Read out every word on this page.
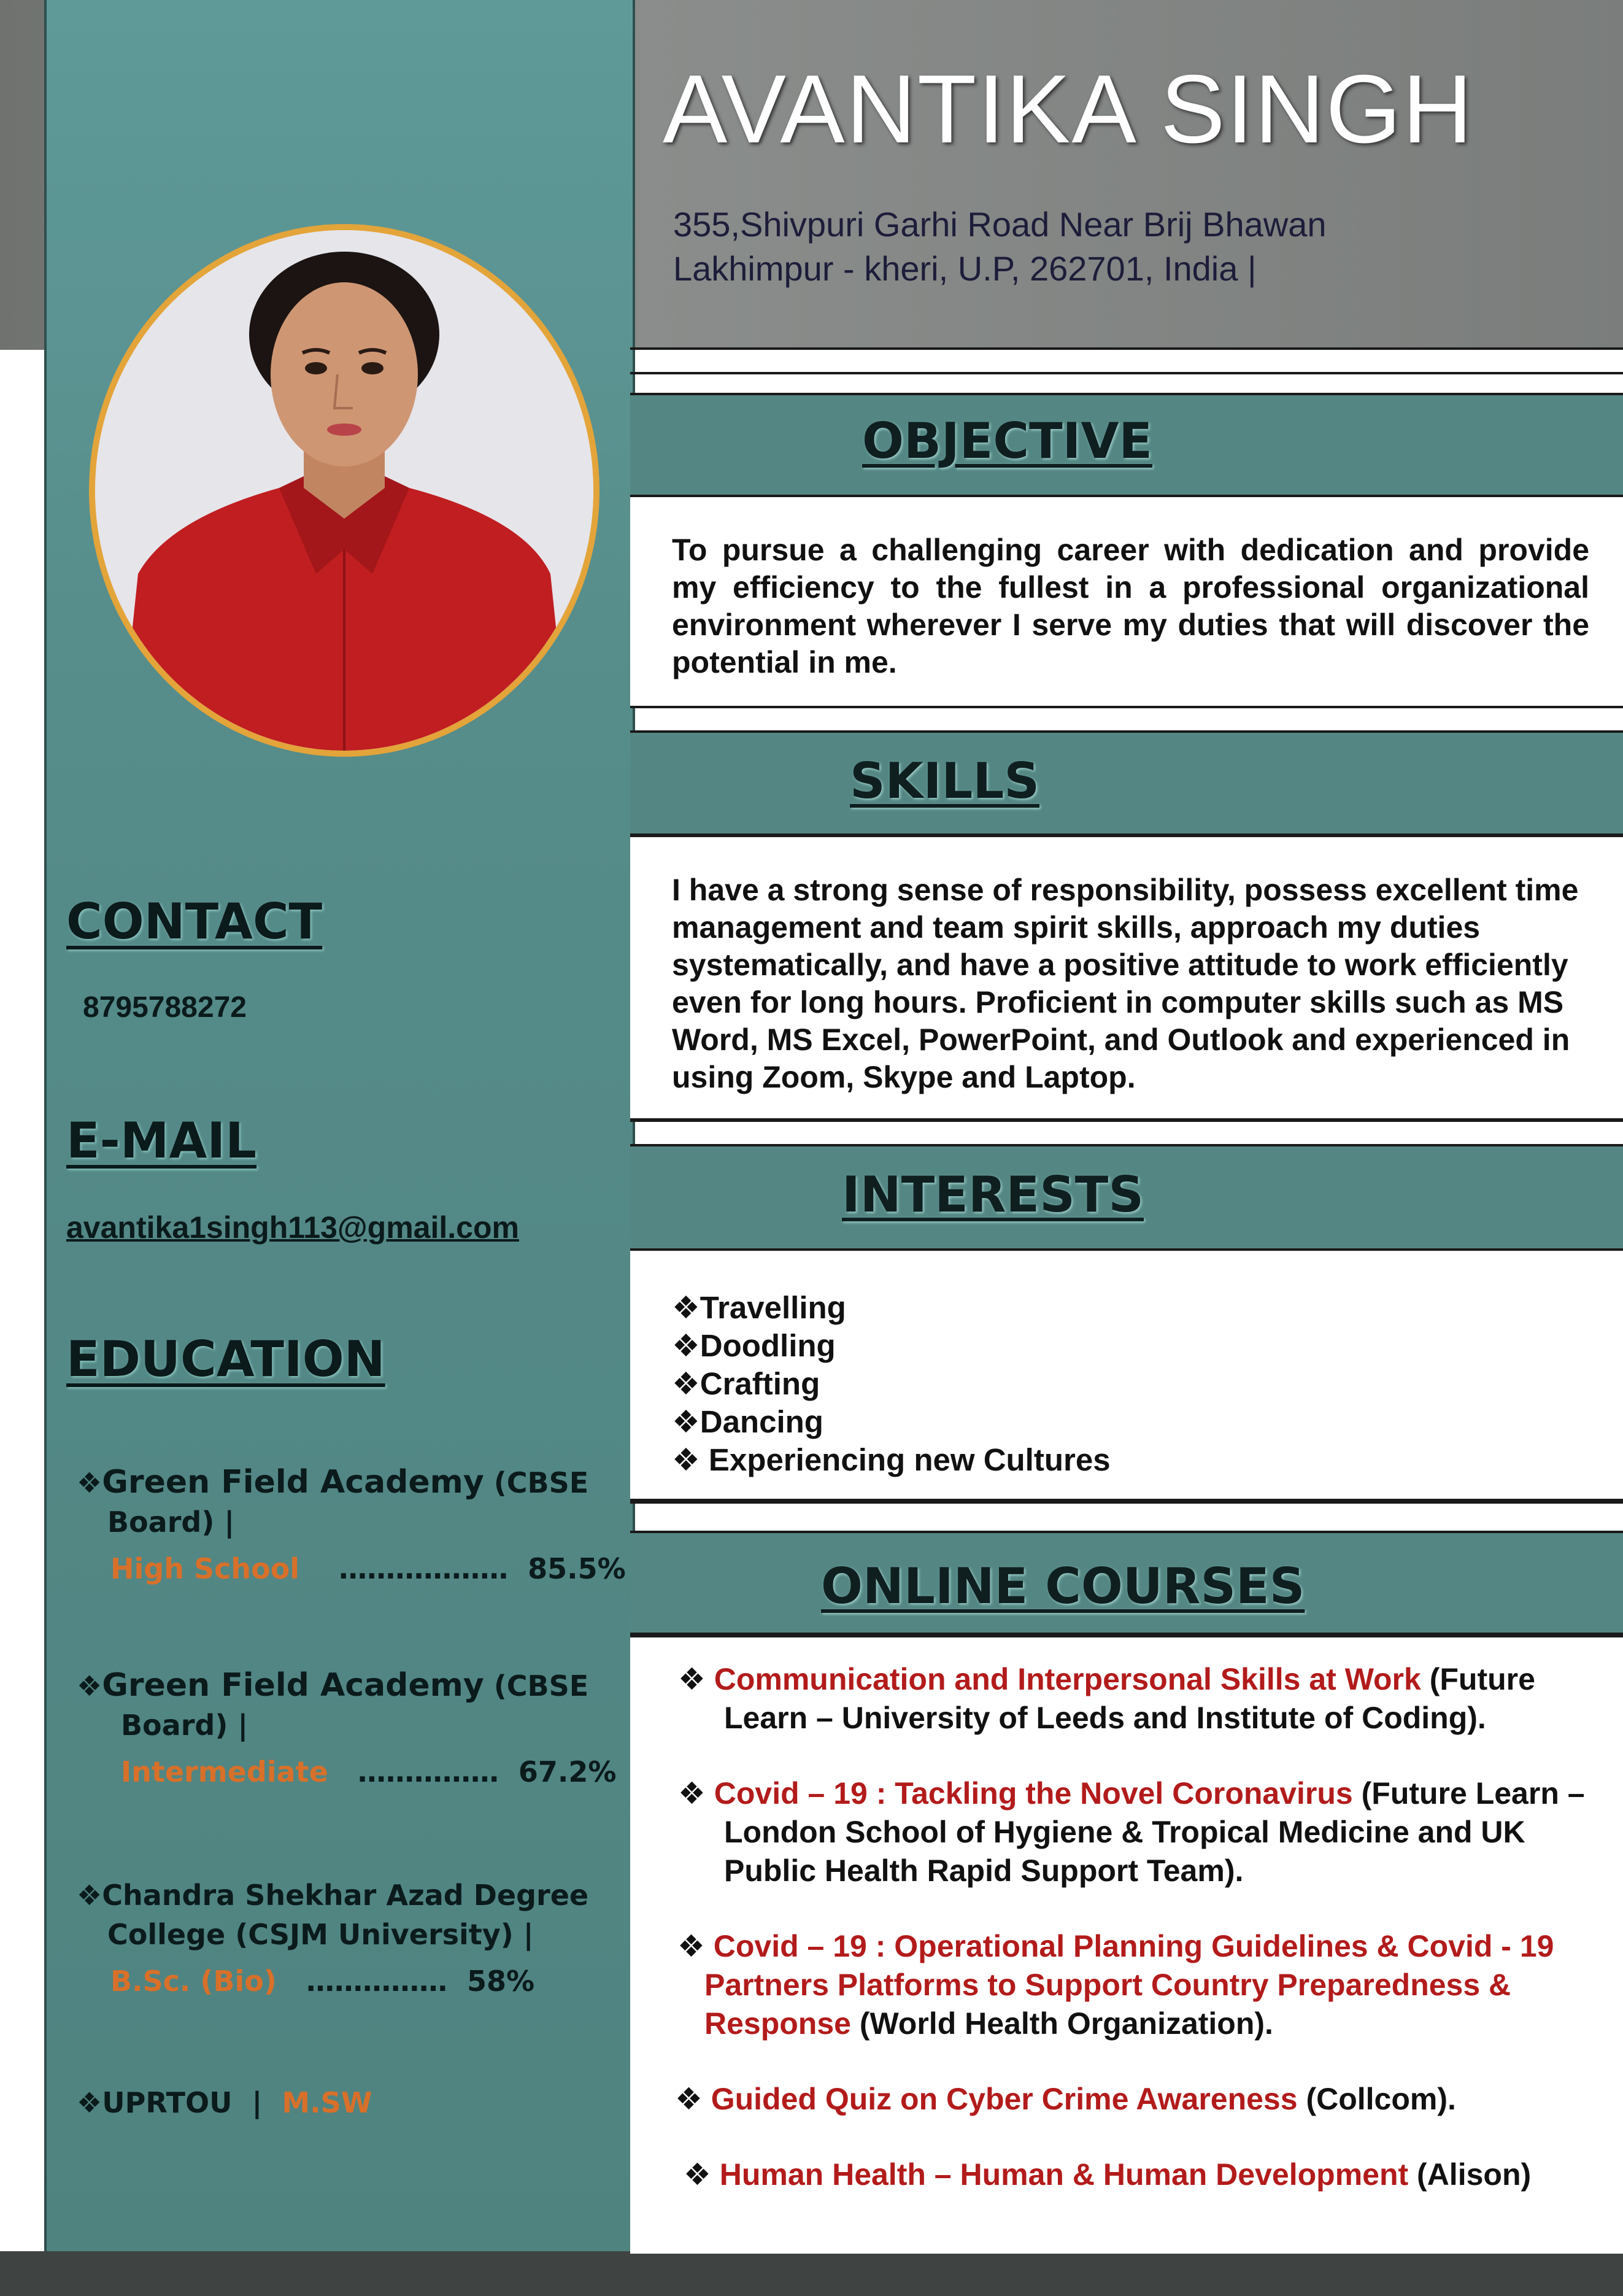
AVANTIKA SINGH
355,Shivpuri Garhi Road Near Brij Bhawan
Lakhimpur - kheri, U.P, 262701, India |
OBJECTIVE
To pursue a challenging career with dedication and provide my efficiency to the fullest in a professional organizational environment wherever I serve my duties that will discover the potential in me.
SKILLS
I have a strong sense of responsibility, possess excellent time management and team spirit skills, approach my duties systematically, and have a positive attitude to work efficiently even for long hours. Proficient in computer skills such as MS Word, MS Excel, PowerPoint, and Outlook and experienced in using Zoom, Skype and Laptop.
INTERESTS
❖Travelling
❖Doodling
❖Crafting
❖Dancing
❖ Experiencing new Cultures
ONLINE COURSES
❖ Communication and Interpersonal Skills at Work (Future Learn – University of Leeds and Institute of Coding).
❖ Covid – 19 : Tackling the Novel Coronavirus (Future Learn – London School of Hygiene & Tropical Medicine and UK Public Health Rapid Support Team).
❖ Covid – 19 : Operational Planning Guidelines & Covid - 19 Partners Platforms to Support Country Preparedness & Response (World Health Organization).
❖ Guided Quiz on Cyber Crime Awareness (Collcom).
❖ Human Health – Human & Human Development (Alison)
CONTACT
8795788272
E-MAIL
avantika1singh113@gmail.com
EDUCATION
❖Green Field Academy (CBSE
Board) |
High School ……………… 85.5%
❖Green Field Academy (CBSE
Board) |
Intermediate …………… 67.2%
❖Chandra Shekhar Azad Degree
College (CSJM University) |
B.Sc. (Bio) …………… 58%
❖UPRTOU  |  M.SW
